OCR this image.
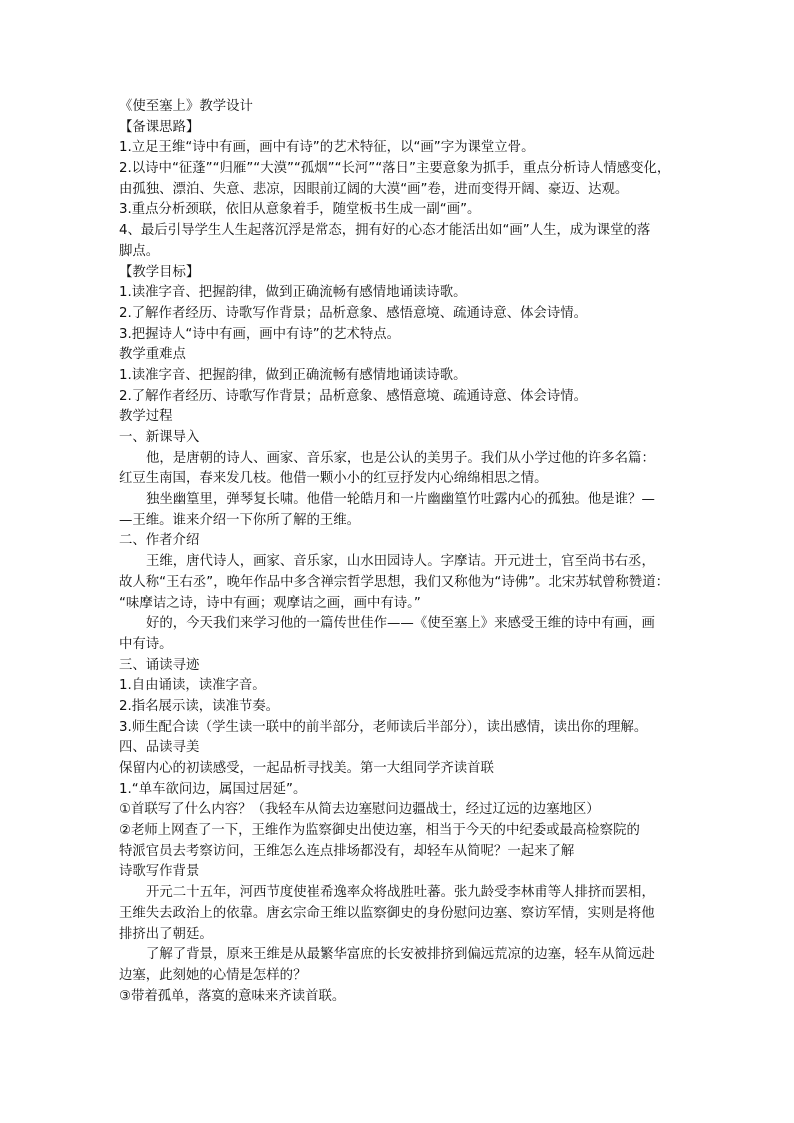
《使至塞上》教学设计
【备课思路】
1.立足王维“诗中有画，画中有诗”的艺术特征，以“画”字为课堂立骨。
2.以诗中“征蓬”“归雁”“大漠”“孤烟”“长河”“落日”主要意象为抓手，重点分析诗人情感变化，
由孤独、漂泊、失意、悲凉，因眼前辽阔的大漠“画”卷，进而变得开阔、豪迈、达观。
3.重点分析颈联，依旧从意象着手，随堂板书生成一副“画”。
4、最后引导学生人生起落沉浮是常态，拥有好的心态才能活出如“画”人生，成为课堂的落
脚点。
【教学目标】
1.读准字音、把握韵律，做到正确流畅有感情地诵读诗歌。
2.了解作者经历、诗歌写作背景；品析意象、感悟意境、疏通诗意、体会诗情。
3.把握诗人“诗中有画，画中有诗”的艺术特点。
教学重难点
1.读准字音、把握韵律，做到正确流畅有感情地诵读诗歌。
2.了解作者经历、诗歌写作背景；品析意象、感悟意境、疏通诗意、体会诗情。
教学过程
一、新课导入
他，是唐朝的诗人、画家、音乐家，也是公认的美男子。我们从小学过他的许多名篇：
红豆生南国，春来发几枝。他借一颗小小的红豆抒发内心绵绵相思之情。
独坐幽篁里，弹琴复长啸。他借一轮皓月和一片幽幽篁竹吐露内心的孤独。他是谁？—
—王维。谁来介绍一下你所了解的王维。
二、作者介绍
王维，唐代诗人，画家、音乐家，山水田园诗人。字摩诘。开元进士，官至尚书右丞，
故人称“王右丞”，晚年作品中多含禅宗哲学思想，我们又称他为“诗佛”。北宋苏轼曾称赞道：
“味摩诘之诗，诗中有画；观摩诘之画，画中有诗。”
好的，今天我们来学习他的一篇传世佳作——《使至塞上》来感受王维的诗中有画，画
中有诗。
三、诵读寻迹
1.自由诵读，读准字音。
2.指名展示读，读准节奏。
3.师生配合读（学生读一联中的前半部分，老师读后半部分），读出感情，读出你的理解。
四、品读寻美
保留内心的初读感受，一起品析寻找美。第一大组同学齐读首联
1.“单车欲问边，属国过居延”。
①首联写了什么内容？（我轻车从简去边塞慰问边疆战士，经过辽远的边塞地区）
②老师上网查了一下，王维作为监察御史出使边塞，相当于今天的中纪委或最高检察院的
特派官员去考察访问，王维怎么连点排场都没有，却轻车从简呢？一起来了解
诗歌写作背景
开元二十五年，河西节度使崔希逸率众将战胜吐蕃。张九龄受李林甫等人排挤而罢相，
王维失去政治上的依靠。唐玄宗命王维以监察御史的身份慰问边塞、察访军情，实则是将他
排挤出了朝廷。
了解了背景，原来王维是从最繁华富庶的长安被排挤到偏远荒凉的边塞，轻车从简远赴
边塞，此刻她的心情是怎样的？
③带着孤单，落寞的意味来齐读首联。
